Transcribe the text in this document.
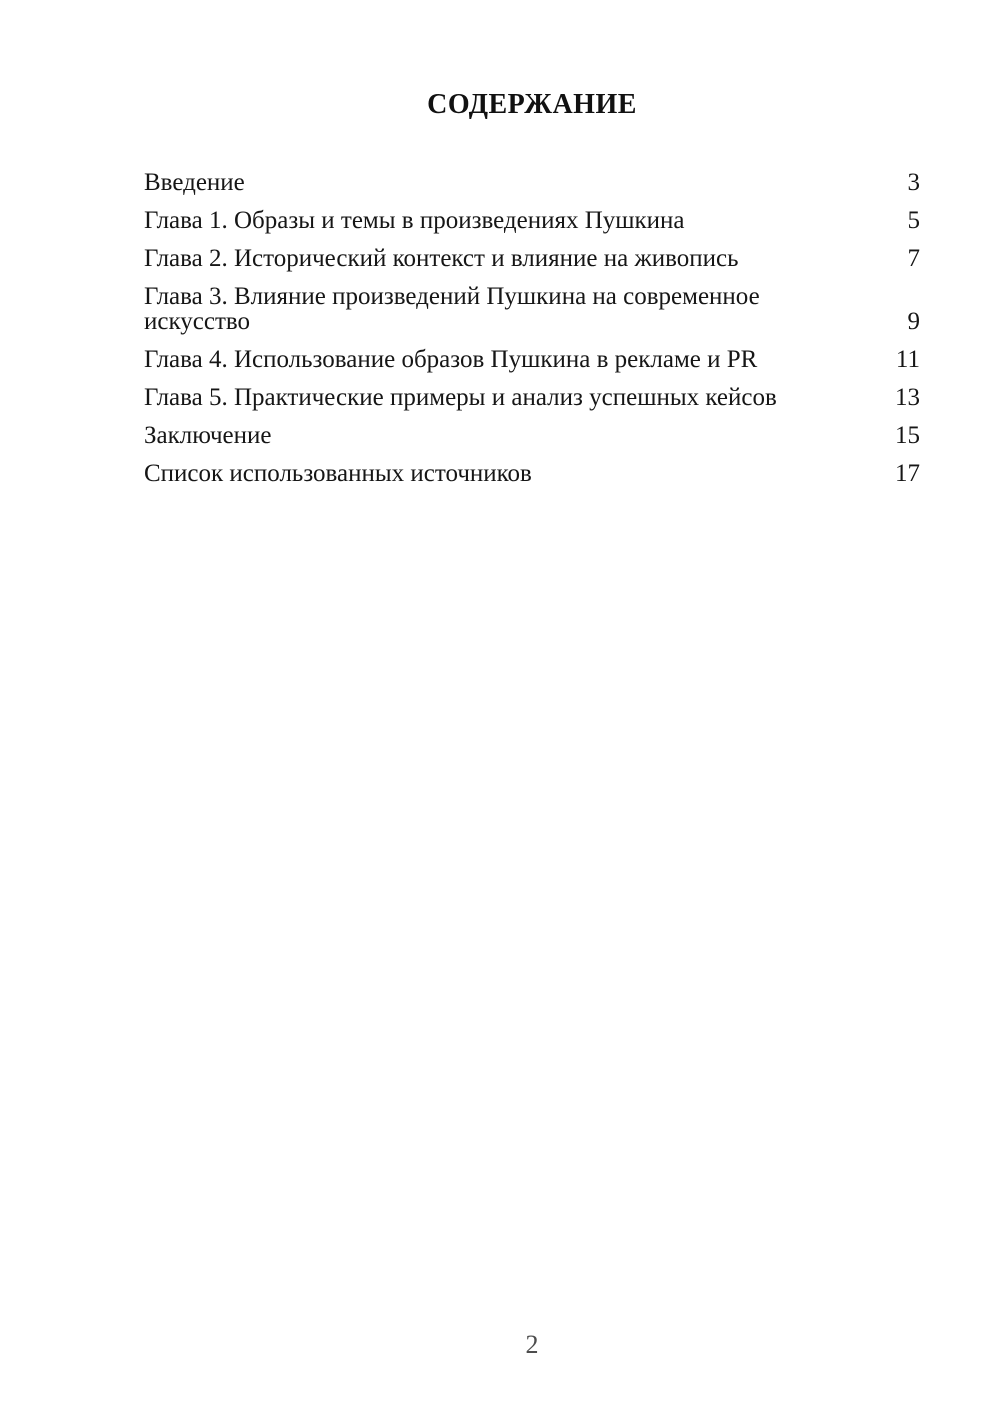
СОДЕРЖАНИЕ
Введение	3
Глава 1. Образы и темы в произведениях Пушкина	5
Глава 2. Исторический контекст и влияние на живопись	7
Глава 3. Влияние произведений Пушкина на современное искусство	9
Глава 4. Использование образов Пушкина в рекламе и PR	11
Глава 5. Практические примеры и анализ успешных кейсов	13
Заключение	15
Список использованных источников	17
2
